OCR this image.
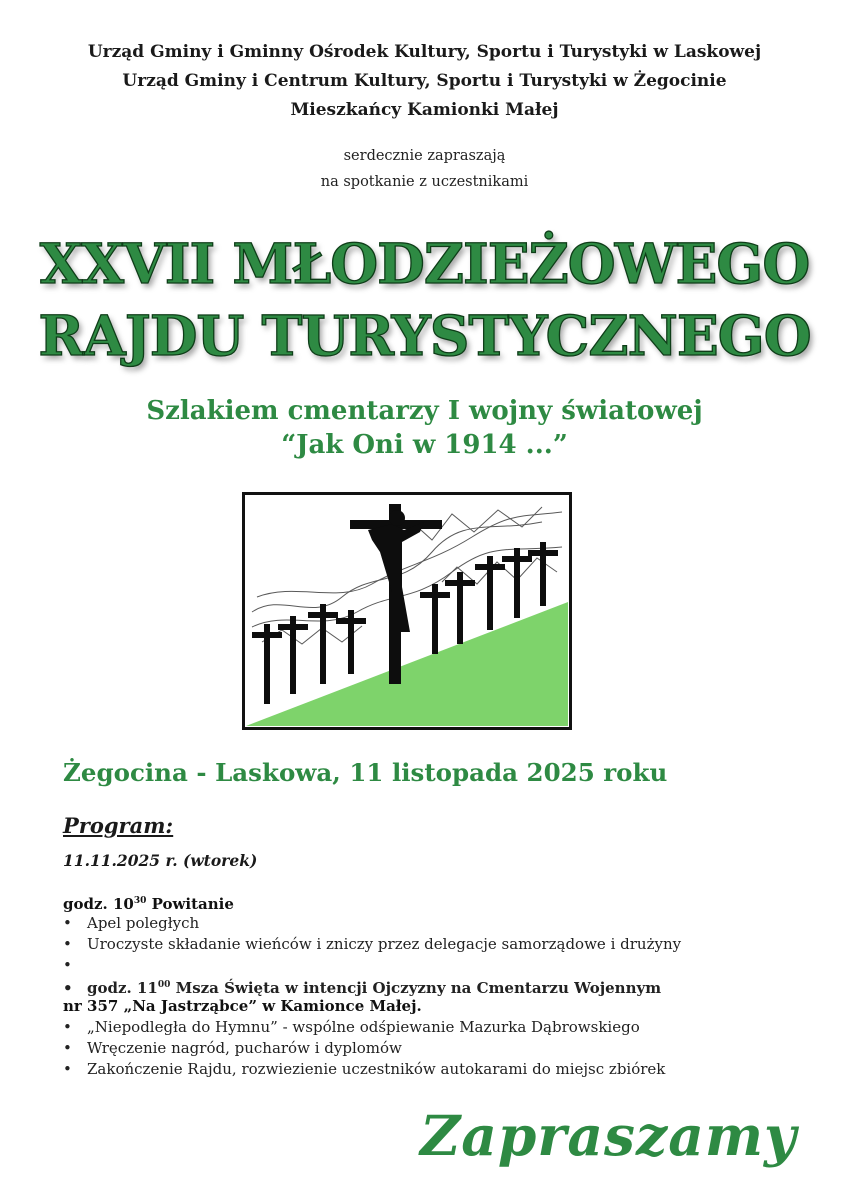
Urząd Gminy i Gminny Ośrodek Kultury, Sportu i Turystyki w Laskowej
Urząd Gminy i Centrum Kultury, Sportu i Turystyki w Żegocinie
Mieszkańcy Kamionki Małej
serdecznie zapraszają
na spotkanie z uczestnikami
XXVII MŁODZIEŻOWEGO
RAJDU TURYSTYCZNEGO
Szlakiem cmentarzy I wojny światowej
“Jak Oni w 1914 ...”
Żegocina - Laskowa, 11 listopada 2025 roku
Program:
11.11.2025 r. (wtorek)
godz. $10^{30}$ Powitanie
• Apel poległych
• Uroczyste składanie wieńców i zniczy przez delegacje samorządowe i drużyny
•
• godz. $11^{00}$ Msza Święta w intencji Ojczyzny na Cmentarzu Wojennym
nr 357 „Na Jastrząbce” w Kamionce Małej.
• „Niepodległa do Hymnu” - wspólne odśpiewanie Mazurka Dąbrowskiego
• Wręczenie nagród, pucharów i dyplomów
• Zakończenie Rajdu, rozwiezienie uczestników autokarami do miejsc zbiórek
Zapraszamy
